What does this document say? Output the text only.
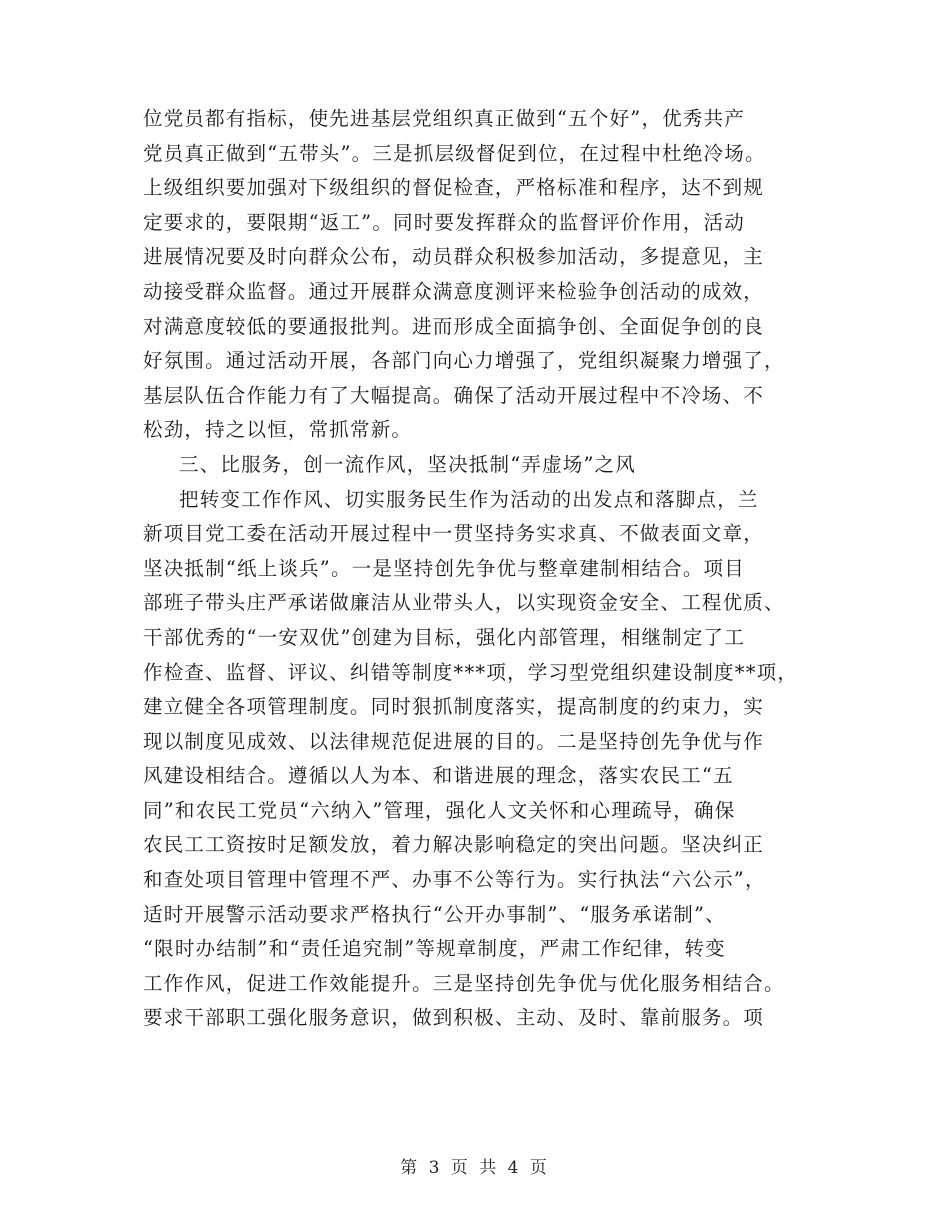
位党员都有指标，使先进基层党组织真正做到“五个好”，优秀共产
党员真正做到“五带头”。三是抓层级督促到位，在过程中杜绝冷场。
上级组织要加强对下级组织的督促检查，严格标准和程序，达不到规
定要求的，要限期“返工”。同时要发挥群众的监督评价作用，活动
进展情况要及时向群众公布，动员群众积极参加活动，多提意见，主
动接受群众监督。通过开展群众满意度测评来检验争创活动的成效，
对满意度较低的要通报批判。进而形成全面搞争创、全面促争创的良
好氛围。通过活动开展，各部门向心力增强了，党组织凝聚力增强了，
基层队伍合作能力有了大幅提高。确保了活动开展过程中不冷场、不
松劲，持之以恒，常抓常新。
三、比服务，创一流作风，坚决抵制“弄虚场”之风
把转变工作作风、切实服务民生作为活动的出发点和落脚点，兰
新项目党工委在活动开展过程中一贯坚持务实求真、不做表面文章，
坚决抵制“纸上谈兵”。一是坚持创先争优与整章建制相结合。项目
部班子带头庄严承诺做廉洁从业带头人，以实现资金安全、工程优质、
干部优秀的“一安双优”创建为目标，强化内部管理，相继制定了工
作检查、监督、评议、纠错等制度***项，学习型党组织建设制度**项，
建立健全各项管理制度。同时狠抓制度落实，提高制度的约束力，实
现以制度见成效、以法律规范促进展的目的。二是坚持创先争优与作
风建设相结合。遵循以人为本、和谐进展的理念，落实农民工“五
同”和农民工党员“六纳入”管理，强化人文关怀和心理疏导，确保
农民工工资按时足额发放，着力解决影响稳定的突出问题。坚决纠正
和查处项目管理中管理不严、办事不公等行为。实行执法“六公示”，
适时开展警示活动要求严格执行“公开办事制”、“服务承诺制”、
“限时办结制”和“责任追究制”等规章制度，严肃工作纪律，转变
工作作风，促进工作效能提升。三是坚持创先争优与优化服务相结合。
要求干部职工强化服务意识，做到积极、主动、及时、靠前服务。项
第 3 页 共 4 页
